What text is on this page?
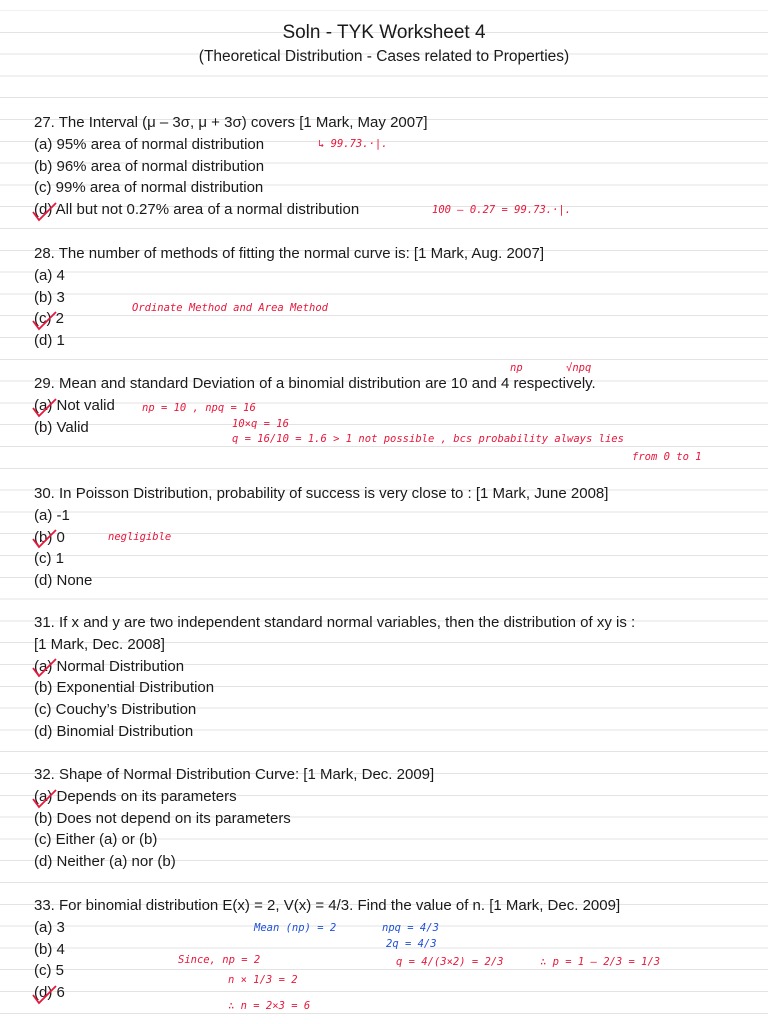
Soln - TYK Worksheet 4
(Theoretical Distribution - Cases related to Properties)
27. The Interval (μ – 3σ, μ + 3σ) covers [1 Mark, May 2007]
(a) 95% area of normal distribution
(b) 96% area of normal distribution
(c) 99% area of normal distribution
(d) All but not 0.27% area of a normal distribution
28. The number of methods of fitting the normal curve is: [1 Mark, Aug. 2007]
(a) 4
(b) 3
(c) 2
(d) 1
29. Mean and standard Deviation of a binomial distribution are 10 and 4 respectively.
(a) Not valid
(b) Valid
30. In Poisson Distribution, probability of success is very close to : [1 Mark, June 2008]
(a) -1
(b) 0
(c) 1
(d) None
31. If x and y are two independent standard normal variables, then the distribution of xy is :
[1 Mark, Dec. 2008]
(a) Normal Distribution
(b) Exponential Distribution
(c) Couchy’s Distribution
(d) Binomial Distribution
32. Shape of Normal Distribution Curve: [1 Mark, Dec. 2009]
(a) Depends on its parameters
(b) Does not depend on its parameters
(c) Either (a) or (b)
(d) Neither (a) nor (b)
33. For binomial distribution E(x) = 2, V(x) = 4/3. Find the value of n. [1 Mark, Dec. 2009]
(a) 3
(b) 4
(c) 5
(d) 6
↳ 99.73.·|.
100 – 0.27 = 99.73.·|.
Ordinate Method and Area Method
np	√npq
np = 10 , npq = 16
10×q = 16
q = 16/10 = 1.6 > 1 not possible , bcs probability always lies
from 0 to 1
negligible
Mean (np) = 2	npq = 4/3
2q = 4/3
Since, np = 2	q = 4/(3×2) = 2/3	∴ p = 1 – 2/3 = 1/3
n × 1/3 = 2
∴ n = 2×3 = 6
